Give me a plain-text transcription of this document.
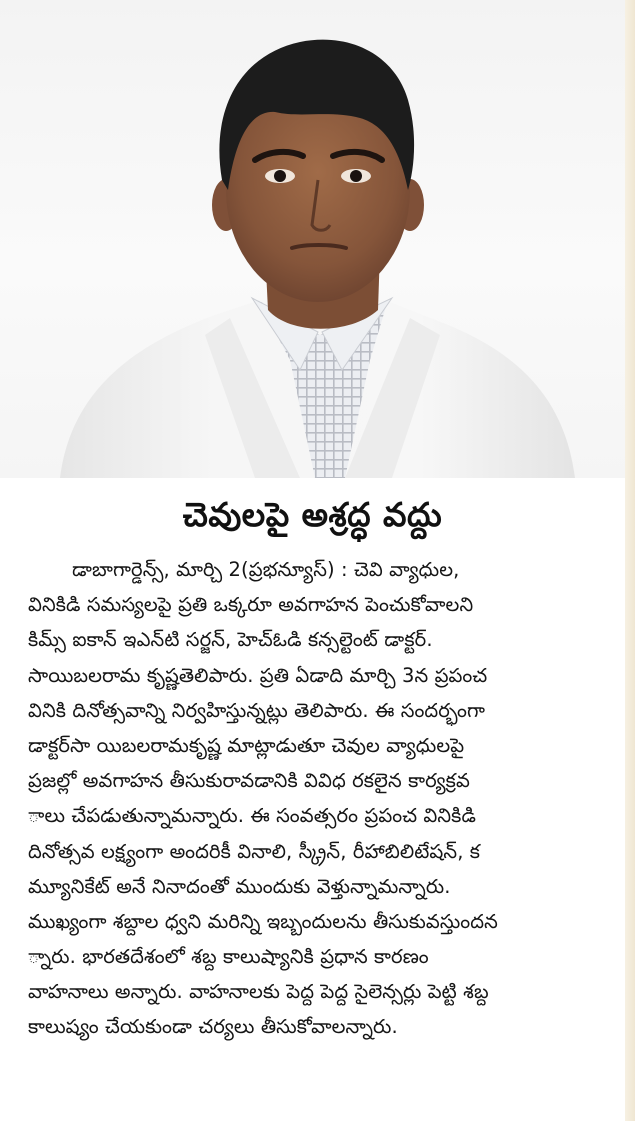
చెవులపై అశ్రద్ధ వద్దు
డాబాగార్డెన్స్, మార్చి 2(ప్రభన్యూస్) : చెవి వ్యాధుల,
వినికిడి సమస్యలపై ప్రతి ఒక్కరూ అవగాహన పెంచుకోవాలని
కిమ్స్ ఐకాన్ ఇఎన్‌టి సర్జన్, హెచ్‌ఓడి కన్సల్టెంట్ డాక్టర్.
సాయిబలరామ కృష్ణతెలిపారు. ప్రతి ఏడాది మార్చి 3న ప్రపంచ
వినికి దినోత్సవాన్ని నిర్వహిస్తున్నట్లు తెలిపారు. ఈ సందర్భంగా
డాక్టర్‌సా యిబలరామకృష్ణ మాట్లాడుతూ చెవుల వ్యాధులపై
ప్రజల్లో అవగాహన తీసుకురావడానికి వివిధ రకలైన కార్యక్రవ
ాలు చేపడుతున్నామన్నారు. ఈ సంవత్సరం ప్రపంచ వినికిడి
దినోత్సవ లక్ష్యంగా అందరికీ వినాలి, స్క్రీన్, రీహాబిలిటేషన్, క
మ్యూనికేట్ అనే నినాదంతో ముందుకు వెళ్తున్నామన్నారు.
ముఖ్యంగా శబ్దాల ధ్వని మరిన్ని ఇబ్బందులను తీసుకువస్తుందన
్నారు. భారతదేశంలో శబ్ద కాలుష్యానికి ప్రధాన కారణం
వాహనాలు అన్నారు. వాహనాలకు పెద్ద పెద్ద సైలెన్సర్లు పెట్టి శబ్ద
కాలుష్యం చేయకుండా చర్యలు తీసుకోవాలన్నారు.
